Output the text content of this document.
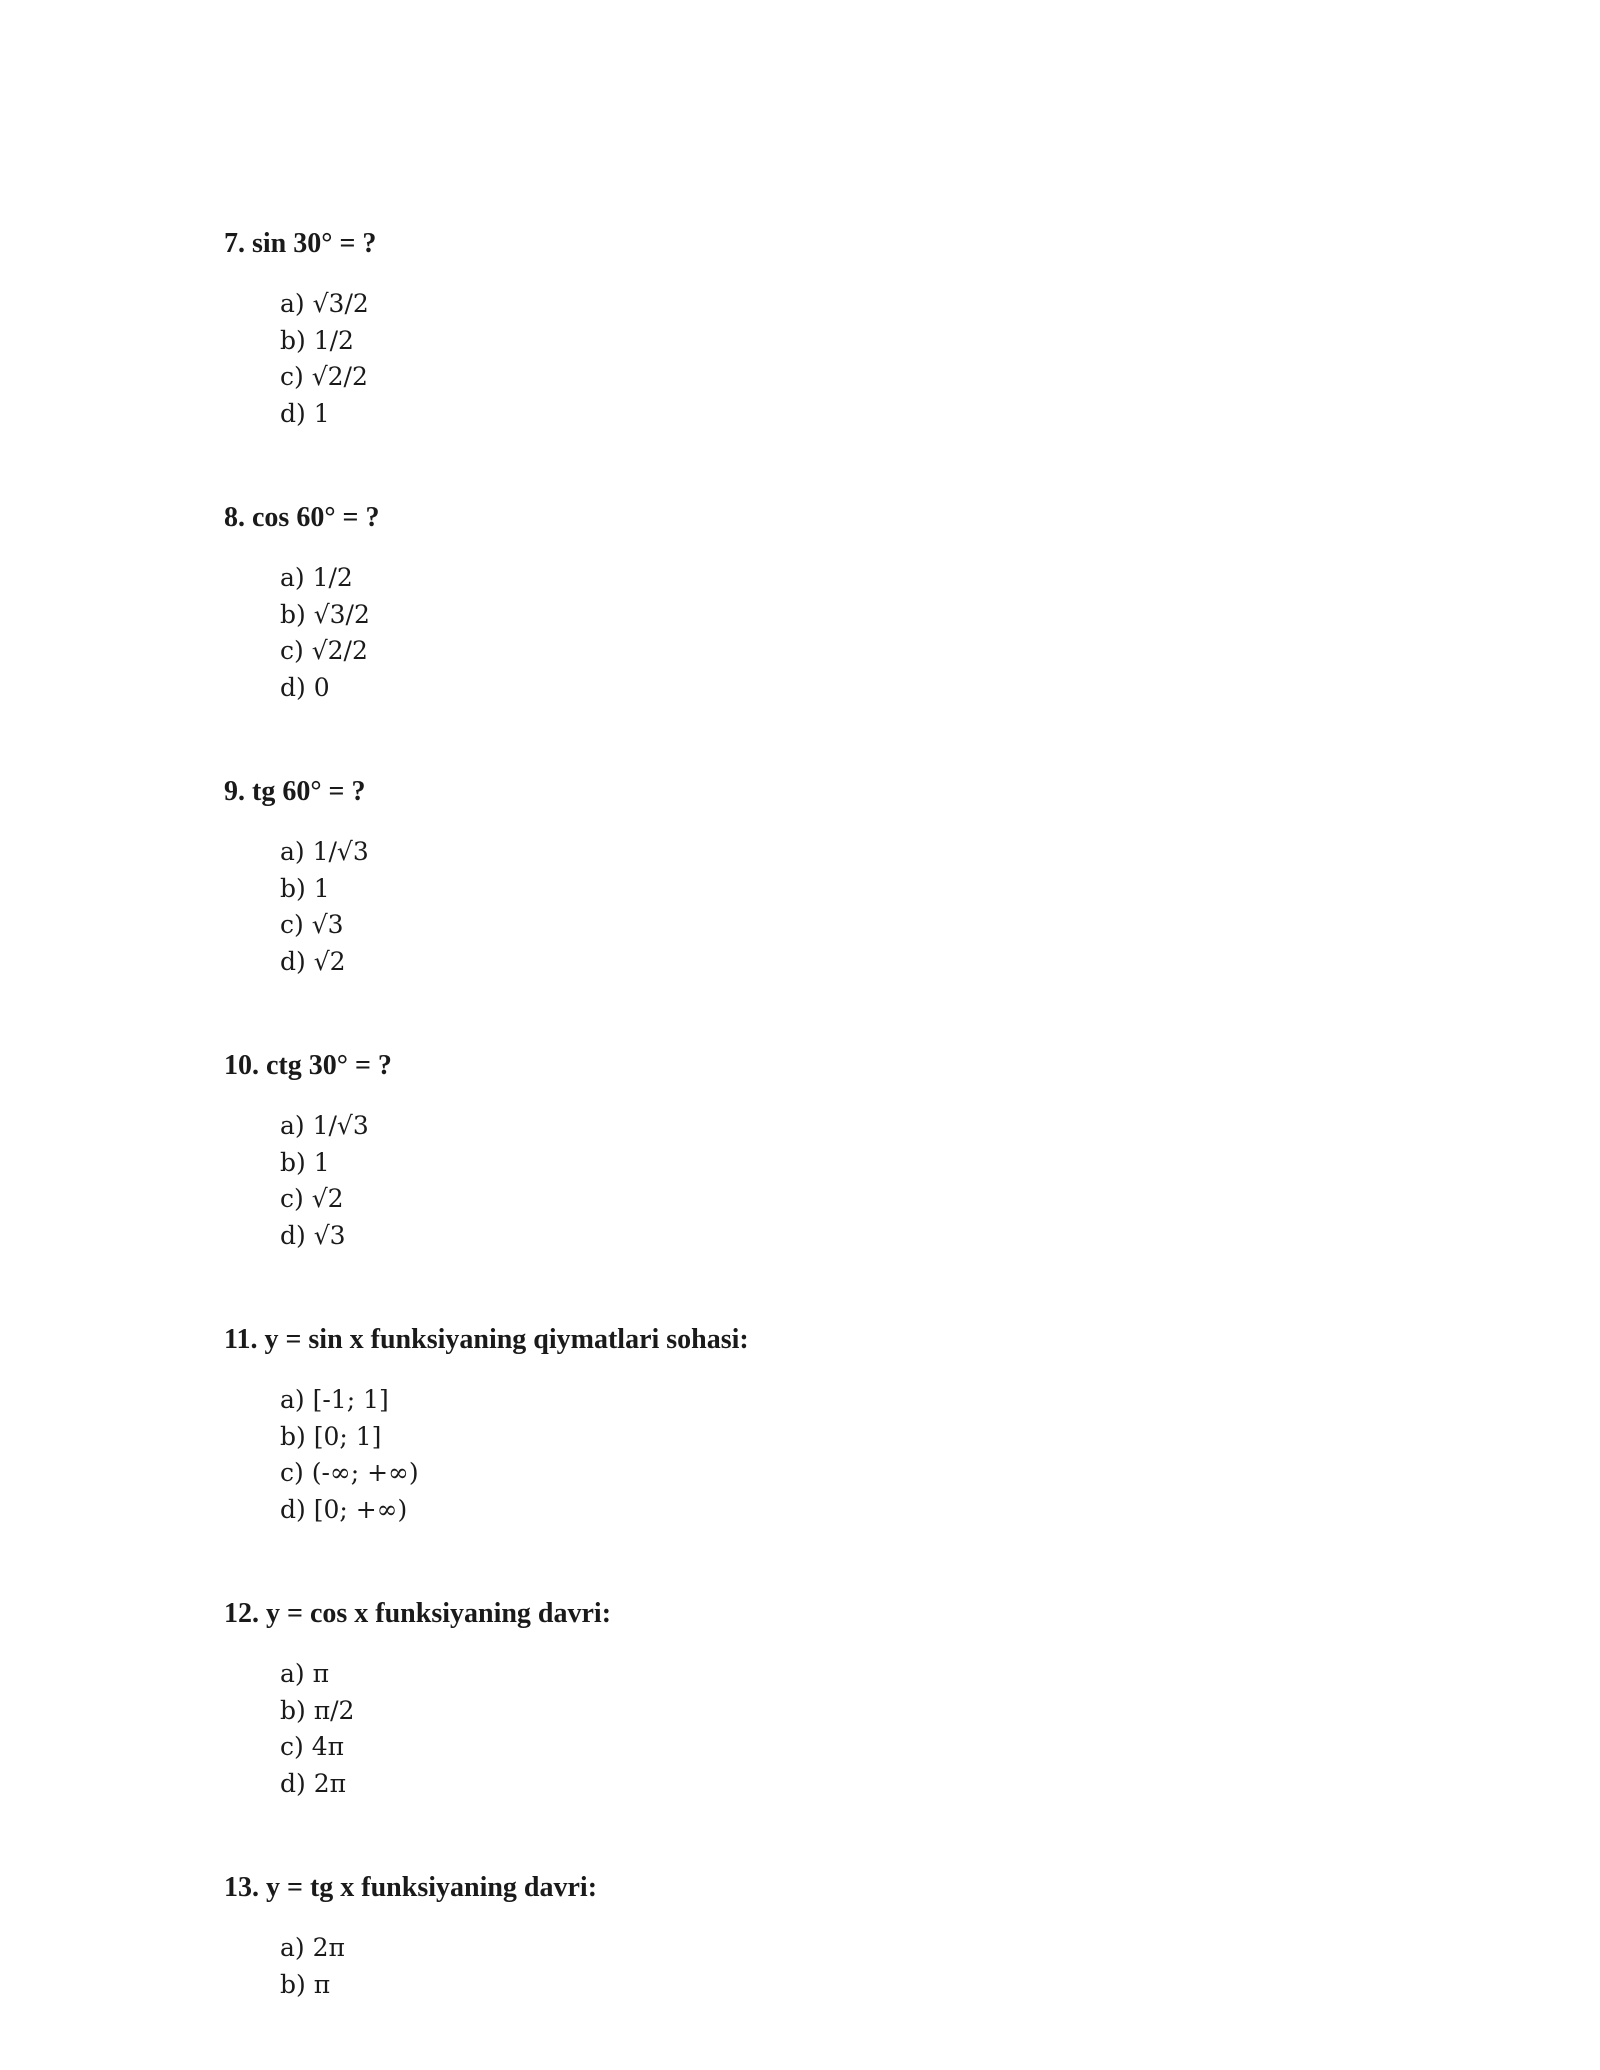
7. sin 30° = ?
a) √3/2
b) 1/2
c) √2/2
d) 1
8. cos 60° = ?
a) 1/2
b) √3/2
c) √2/2
d) 0
9. tg 60° = ?
a) 1/√3
b) 1
c) √3
d) √2
10. ctg 30° = ?
a) 1/√3
b) 1
c) √2
d) √3
11. y = sin x funksiyaning qiymatlari sohasi:
a) [-1; 1]
b) [0; 1]
c) (-∞; +∞)
d) [0; +∞)
12. y = cos x funksiyaning davri:
a) π
b) π/2
c) 4π
d) 2π
13. y = tg x funksiyaning davri:
a) 2π
b) π
